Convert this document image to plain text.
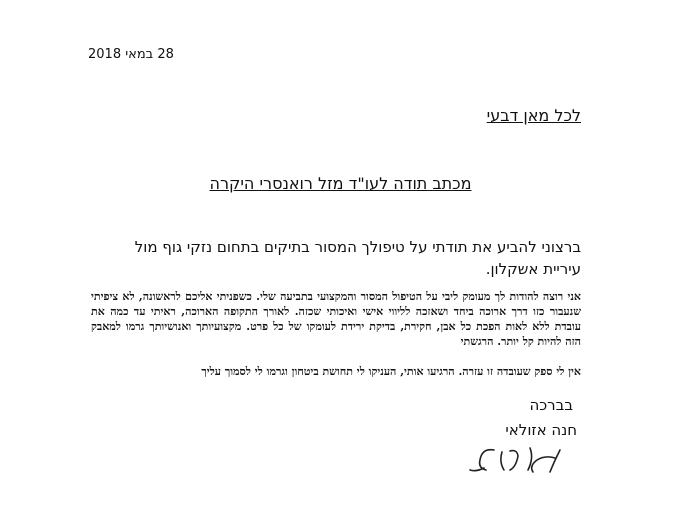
28 במאי 2018
לכל מאן דבעי
מכתב תודה לעו"ד מזל רואנסרי היקרה
ברצוני להביע את תודתי על טיפולך המסור בתיקים בתחום נזקי גוף מול עיריית אשקלון.
אני רוצה להודות לך מעומק ליבי על הטיפול המסור והמקצועי בתביעה שלי. כשפניתי אליכם לראשונה, לא ציפיתי שנעבור כזו דרך ארוכה ביחד ושאזכה לליווי אישי ואיכותי שכזה. לאורך התקופה הארוכה, ראיתי עד כמה את עובדת ללא לאות הפכת כל אבן, חקירת, בדיקת ירידת לעומקו של כל פרט. מקצועיותך ואנושיותך גרמו למאבק הזה להיות קל יותר. הרגשתי
אין לי ספק שעובדה זו עזרה. הרגיעו אותי, העניקו לי תחושת ביטחון וגרמו לי לסמוך עליך
בברכה
חנה אזולאי
